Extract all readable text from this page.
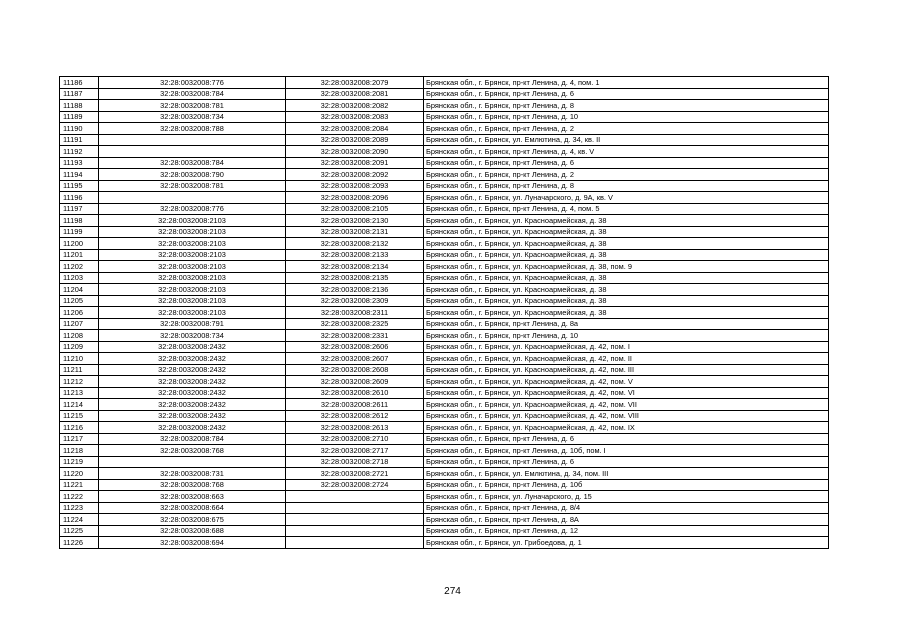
11186	32:28:0032008:776	32:28:0032008:2079	Брянская обл., г. Брянск, пр-кт Ленина, д. 4, пом. 1
11187	32:28:0032008:784	32:28:0032008:2081	Брянская обл., г. Брянск, пр-кт Ленина, д. 6
11188	32:28:0032008:781	32:28:0032008:2082	Брянская обл., г. Брянск, пр-кт Ленина, д. 8
11189	32:28:0032008:734	32:28:0032008:2083	Брянская обл., г. Брянск, пр-кт Ленина, д. 10
11190	32:28:0032008:788	32:28:0032008:2084	Брянская обл., г. Брянск, пр-кт Ленина, д. 2
11191		32:28:0032008:2089	Брянская обл., г. Брянск, ул. Емлютина, д. 34, кв. II
11192		32:28:0032008:2090	Брянская обл., г. Брянск, пр-кт Ленина, д. 4, кв. V
11193	32:28:0032008:784	32:28:0032008:2091	Брянская обл., г. Брянск, пр-кт Ленина, д. 6
11194	32:28:0032008:790	32:28:0032008:2092	Брянская обл., г. Брянск, пр-кт Ленина, д. 2
11195	32:28:0032008:781	32:28:0032008:2093	Брянская обл., г. Брянск, пр-кт Ленина, д. 8
11196		32:28:0032008:2096	Брянская обл., г. Брянск, ул. Луначарского, д. 9А, кв. V
11197	32:28:0032008:776	32:28:0032008:2105	Брянская обл., г. Брянск, пр-кт Ленина, д. 4, пом. 5
11198	32:28:0032008:2103	32:28:0032008:2130	Брянская обл., г. Брянск, ул. Красноармейская, д. 38
11199	32:28:0032008:2103	32:28:0032008:2131	Брянская обл., г. Брянск, ул. Красноармейская, д. 38
11200	32:28:0032008:2103	32:28:0032008:2132	Брянская обл., г. Брянск, ул. Красноармейская, д. 38
11201	32:28:0032008:2103	32:28:0032008:2133	Брянская обл., г. Брянск, ул. Красноармейская, д. 38
11202	32:28:0032008:2103	32:28:0032008:2134	Брянская обл., г. Брянск, ул. Красноармейская, д. 38, пом. 9
11203	32:28:0032008:2103	32:28:0032008:2135	Брянская обл., г. Брянск, ул. Красноармейская, д. 38
11204	32:28:0032008:2103	32:28:0032008:2136	Брянская обл., г. Брянск, ул. Красноармейская, д. 38
11205	32:28:0032008:2103	32:28:0032008:2309	Брянская обл., г. Брянск, ул. Красноармейская, д. 38
11206	32:28:0032008:2103	32:28:0032008:2311	Брянская обл., г. Брянск, ул. Красноармейская, д. 38
11207	32:28:0032008:791	32:28:0032008:2325	Брянская обл., г. Брянск, пр-кт Ленина, д. 8а
11208	32:28:0032008:734	32:28:0032008:2331	Брянская обл., г. Брянск, пр-кт Ленина, д. 10
11209	32:28:0032008:2432	32:28:0032008:2606	Брянская обл., г. Брянск, ул. Красноармейская, д. 42, пом. I
11210	32:28:0032008:2432	32:28:0032008:2607	Брянская обл., г. Брянск, ул. Красноармейская, д. 42, пом. II
11211	32:28:0032008:2432	32:28:0032008:2608	Брянская обл., г. Брянск, ул. Красноармейская, д. 42, пом. III
11212	32:28:0032008:2432	32:28:0032008:2609	Брянская обл., г. Брянск, ул. Красноармейская, д. 42, пом. V
11213	32:28:0032008:2432	32:28:0032008:2610	Брянская обл., г. Брянск, ул. Красноармейская, д. 42, пом. VI
11214	32:28:0032008:2432	32:28:0032008:2611	Брянская обл., г. Брянск, ул. Красноармейская, д. 42, пом. VII
11215	32:28:0032008:2432	32:28:0032008:2612	Брянская обл., г. Брянск, ул. Красноармейская, д. 42, пом. VIII
11216	32:28:0032008:2432	32:28:0032008:2613	Брянская обл., г. Брянск, ул. Красноармейская, д. 42, пом. IX
11217	32:28:0032008:784	32:28:0032008:2710	Брянская обл., г. Брянск, пр-кт Ленина, д. 6
11218	32:28:0032008:768	32:28:0032008:2717	Брянская обл., г. Брянск, пр-кт Ленина, д. 10б, пом. I
11219		32:28:0032008:2718	Брянская обл., г. Брянск, пр-кт Ленина, д. 6
11220	32:28:0032008:731	32:28:0032008:2721	Брянская обл., г. Брянск, ул. Емлютина, д. 34, пом. III
11221	32:28:0032008:768	32:28:0032008:2724	Брянская обл., г. Брянск, пр-кт Ленина, д. 10б
11222	32:28:0032008:663		Брянская обл., г. Брянск, ул. Луначарского, д. 15
11223	32:28:0032008:664		Брянская обл., г. Брянск, пр-кт Ленина, д. 8/4
11224	32:28:0032008:675		Брянская обл., г. Брянск, пр-кт Ленина, д. 8А
11225	32:28:0032008:688		Брянская обл., г. Брянск, пр-кт Ленина, д. 12
11226	32:28:0032008:694		Брянская обл., г. Брянск, ул. Грибоедова, д. 1
274
